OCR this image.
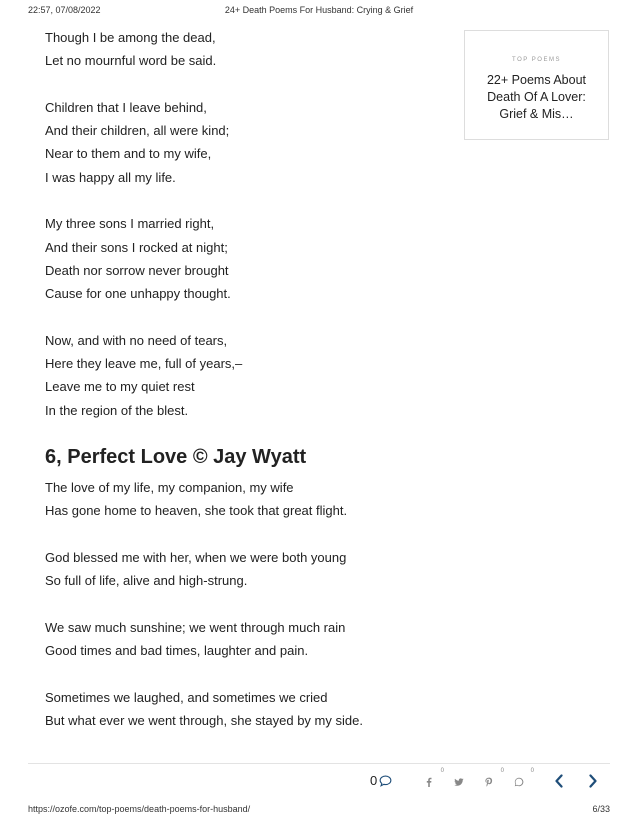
22:57, 07/08/2022	24+ Death Poems For Husband: Crying & Grief

Though I be among the dead,

Let no mournful word be said.

Children that I leave behind,

And their children, all were kind;

Near to them and to my wife,

I was happy all my life.

My three sons I married right,

And their sons I rocked at night;

Death nor sorrow never brought

Cause for one unhappy thought.

Now, and with no need of tears,

Here they leave me, full of years,–

Leave me to my quiet rest

In the region of the blest.

6, Perfect Love © Jay Wyatt

The love of my life, my companion, my wife

Has gone home to heaven, she took that great flight.

God blessed me with her, when we were both young

So full of life, alive and high-strung.

We saw much sunshine; we went through much rain

Good times and bad times, laughter and pain.

Sometimes we laughed, and sometimes we cried

But what ever we went through, she stayed by my side.

TOP POEMS
22+ Poems About Death Of A Lover: Grief & Mis…
0
0	0	0
https://ozofe.com/top-poems/death-poems-for-husband/	6/33
